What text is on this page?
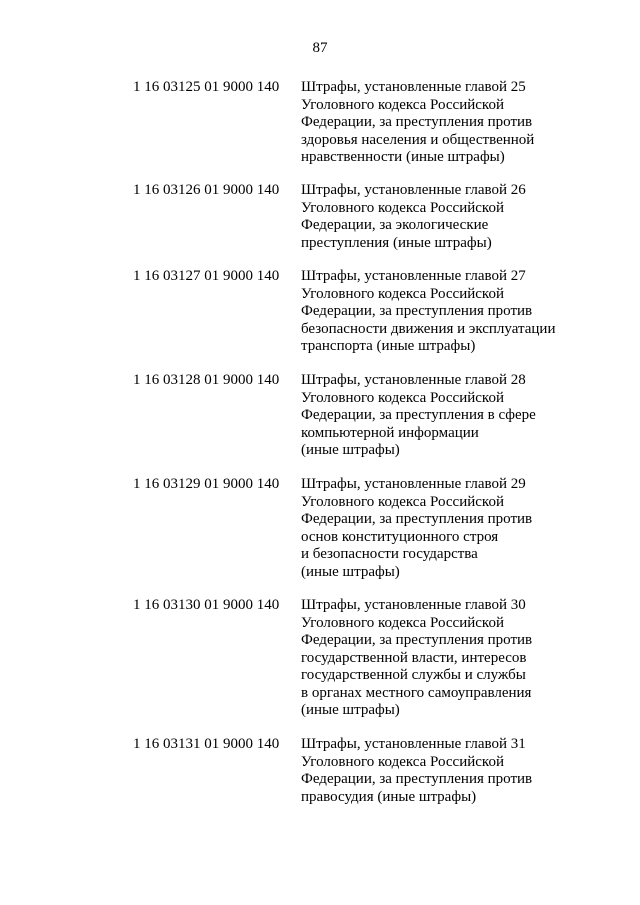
87
1 16 03125 01 9000 140 Штрафы, установленные главой 25
Уголовного кодекса Российской
Федерации, за преступления против
здоровья населения и общественной
нравственности (иные штрафы)
1 16 03126 01 9000 140 Штрафы, установленные главой 26
Уголовного кодекса Российской
Федерации, за экологические
преступления (иные штрафы)
1 16 03127 01 9000 140 Штрафы, установленные главой 27
Уголовного кодекса Российской
Федерации, за преступления против
безопасности движения и эксплуатации
транспорта (иные штрафы)
1 16 03128 01 9000 140 Штрафы, установленные главой 28
Уголовного кодекса Российской
Федерации, за преступления в сфере
компьютерной информации
(иные штрафы)
1 16 03129 01 9000 140 Штрафы, установленные главой 29
Уголовного кодекса Российской
Федерации, за преступления против
основ конституционного строя
и безопасности государства
(иные штрафы)
1 16 03130 01 9000 140 Штрафы, установленные главой 30
Уголовного кодекса Российской
Федерации, за преступления против
государственной власти, интересов
государственной службы и службы
в органах местного самоуправления
(иные штрафы)
1 16 03131 01 9000 140 Штрафы, установленные главой 31
Уголовного кодекса Российской
Федерации, за преступления против
правосудия (иные штрафы)
